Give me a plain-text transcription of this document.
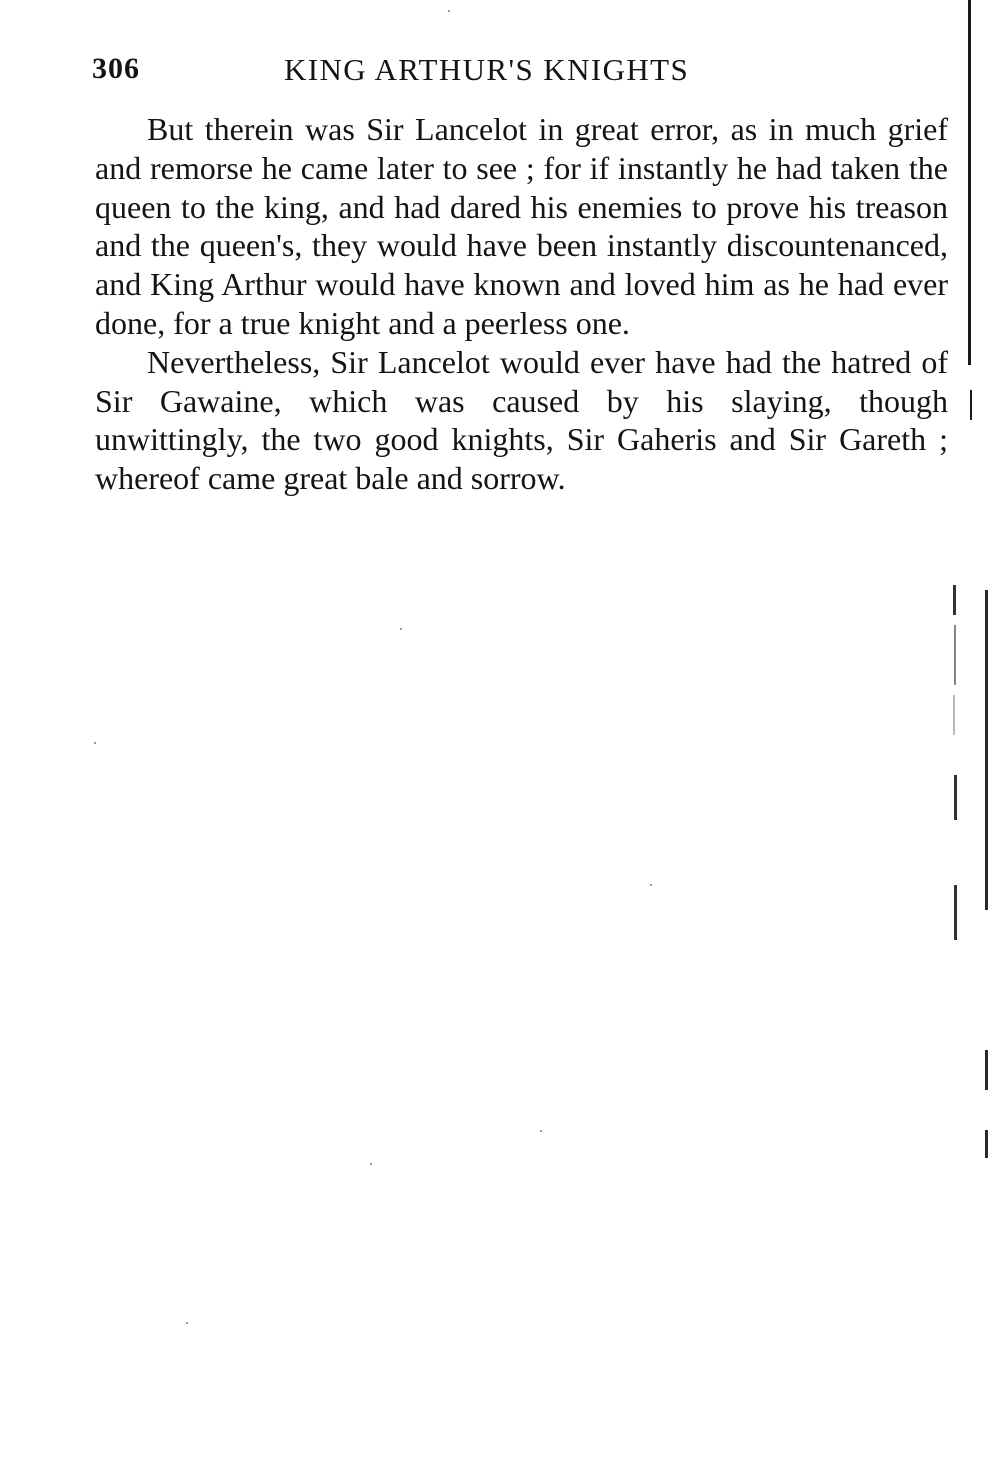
306	KING ARTHUR'S KNIGHTS

But therein was Sir Lancelot in great error, as in much grief and remorse he came later to see ; for if instantly he had taken the queen to the king, and had dared his enemies to prove his treason and the queen's, they would have been instantly discountenanced, and King Arthur would have known and loved him as he had ever done, for a true knight and a peerless one.

Nevertheless, Sir Lancelot would ever have had the hatred of Sir Gawaine, which was caused by his slaying, though unwittingly, the two good knights, Sir Gaheris and Sir Gareth ; whereof came great bale and sorrow.
